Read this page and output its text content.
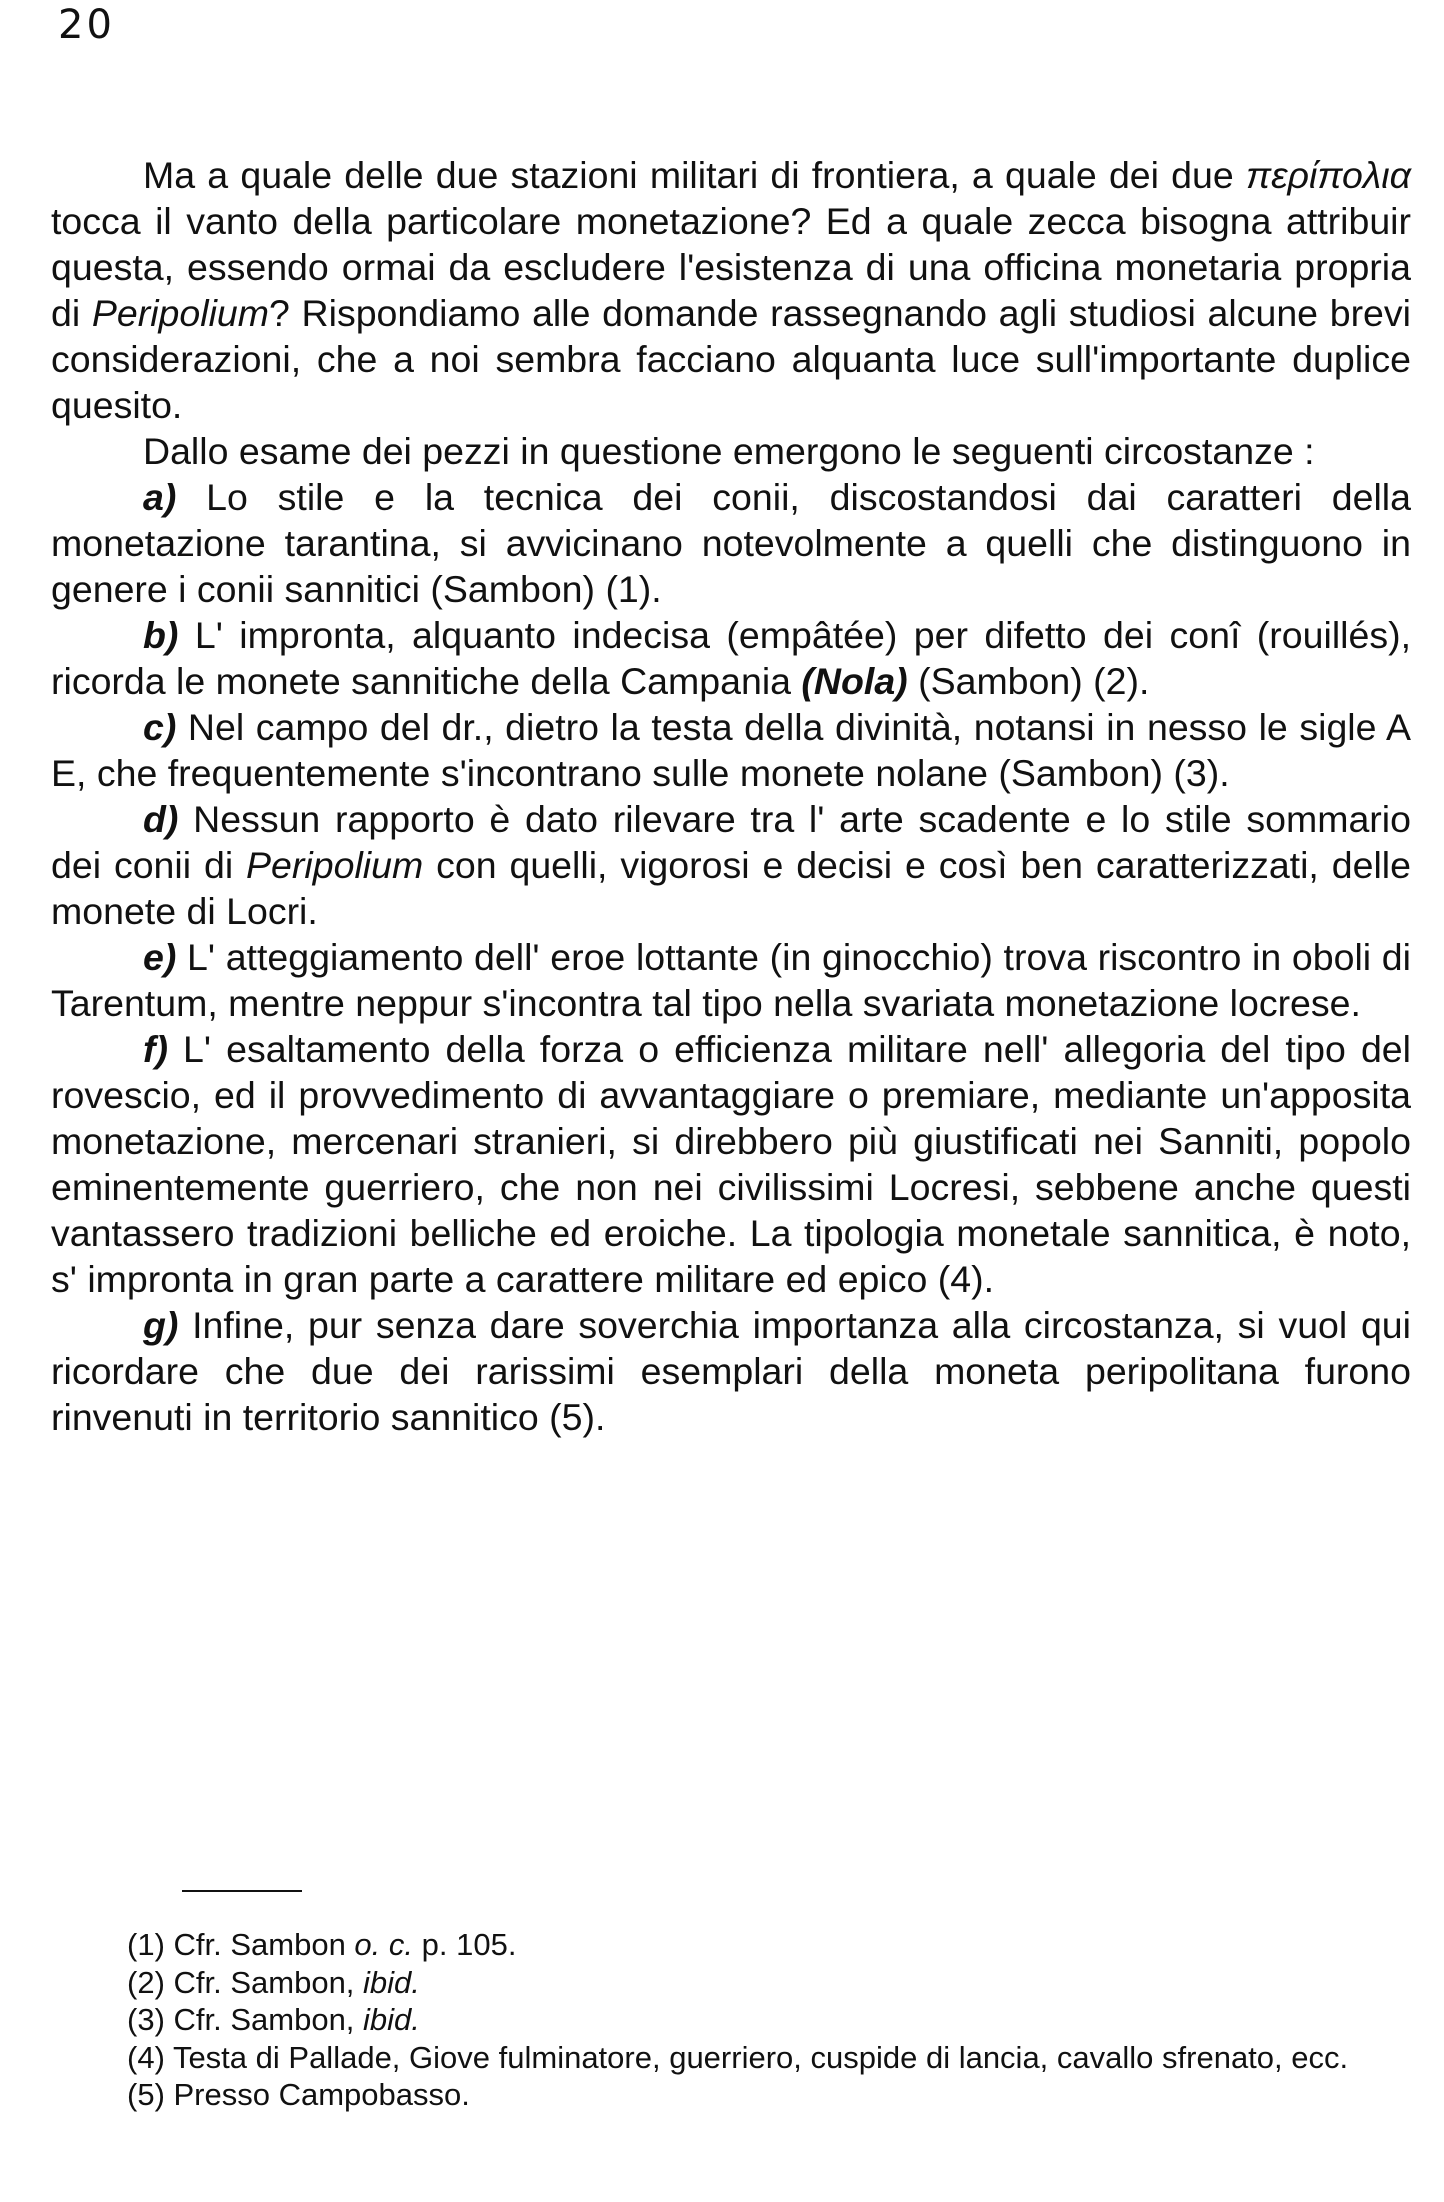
20

Ma a quale delle due stazioni militari di frontiera, a quale dei due περίπολια tocca il vanto della particolare monetazione? Ed a quale zecca bisogna attribuir questa, essendo ormai da escludere l'esistenza di una officina monetaria propria di Peripolium? Rispondiamo alle domande rassegnando agli studiosi alcune brevi considerazioni, che a noi sembra facciano alquanta luce sull'importante duplice quesito.

Dallo esame dei pezzi in questione emergono le seguenti circostanze :

a) Lo stile e la tecnica dei conii, discostandosi dai caratteri della monetazione tarantina, si avvicinano notevolmente a quelli che distinguono in genere i conii sannitici (Sambon) (1).

b) L' impronta, alquanto indecisa (empâtée) per difetto dei conî (rouillés), ricorda le monete sannitiche della Campania (Nola) (Sambon) (2).

c) Nel campo del dr., dietro la testa della divinità, notansi in nesso le sigle A E, che frequentemente s'incontrano sulle monete nolane (Sambon) (3).

d) Nessun rapporto è dato rilevare tra l' arte scadente e lo stile sommario dei conii di Peripolium con quelli, vigorosi e decisi e così ben caratterizzati, delle monete di Locri.

e) L' atteggiamento dell' eroe lottante (in ginocchio) trova riscontro in oboli di Tarentum, mentre neppur s'incontra tal tipo nella svariata monetazione locrese.

f) L' esaltamento della forza o efficienza militare nell' allegoria del tipo del rovescio, ed il provvedimento di avvantaggiare o premiare, mediante un'apposita monetazione, mercenari stranieri, si direbbero più giustificati nei Sanniti, popolo eminentemente guerriero, che non nei civilissimi Locresi, sebbene anche questi vantassero tradizioni belliche ed eroiche. La tipologia monetale sannitica, è noto, s' impronta in gran parte a carattere militare ed epico (4).

g) Infine, pur senza dare soverchia importanza alla circostanza, si vuol qui ricordare che due dei rarissimi esemplari della moneta peripolitana furono rinvenuti in territorio sannitico (5).

(1) Cfr. Sambon o. c. p. 105.

(2) Cfr. Sambon, ibid.

(3) Cfr. Sambon, ibid.

(4) Testa di Pallade, Giove fulminatore, guerriero, cuspide di lancia, cavallo sfrenato, ecc.

(5) Presso Campobasso.
